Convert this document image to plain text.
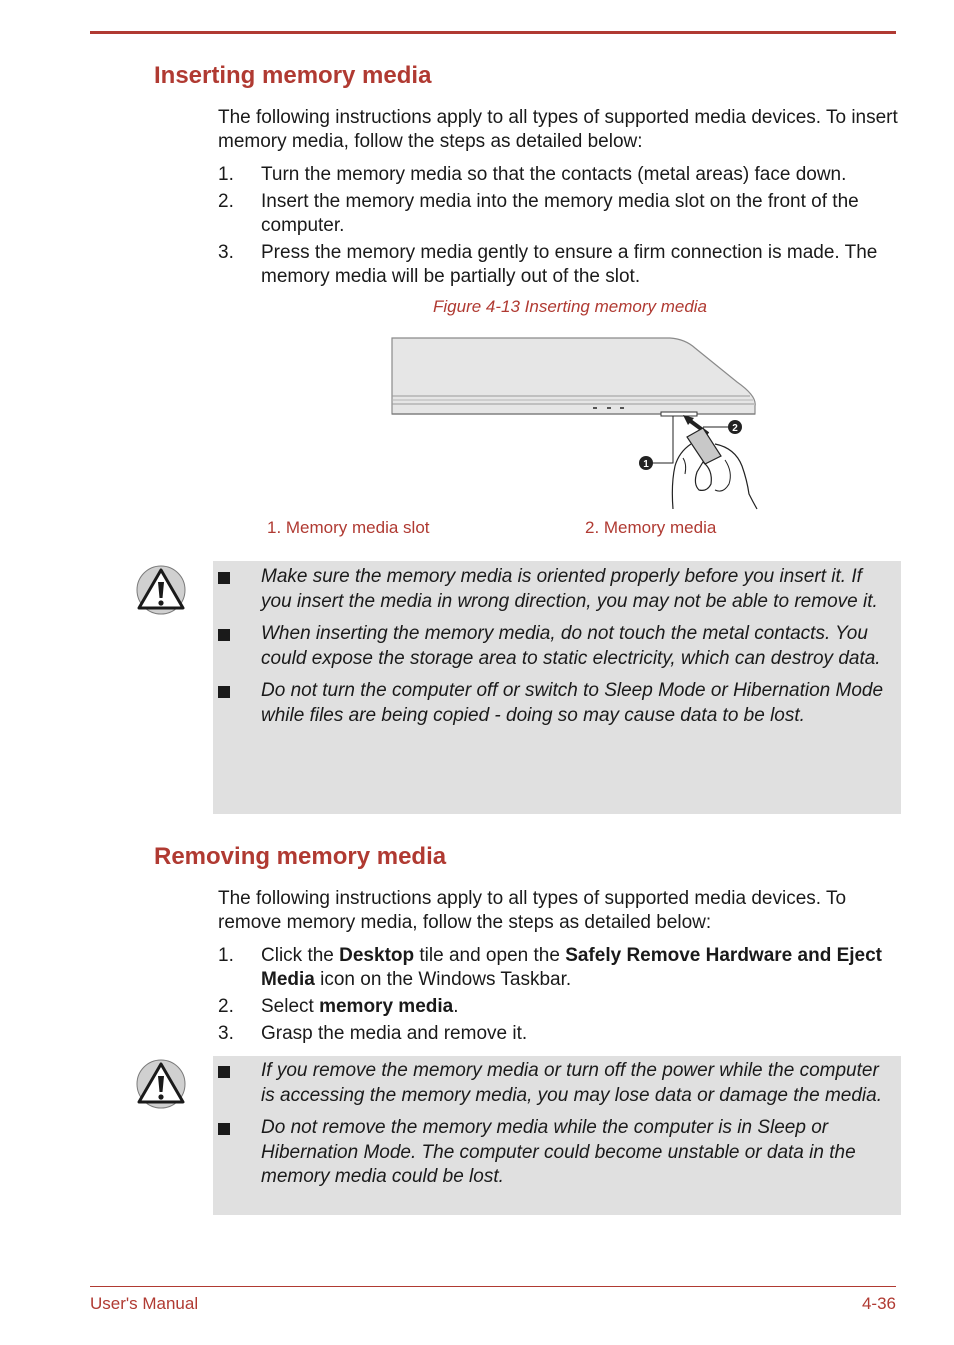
Inserting memory media

The following instructions apply to all types of supported media devices. To insert memory media, follow the steps as detailed below:

1. Turn the memory media so that the contacts (metal areas) face down.
2. Insert the memory media into the memory media slot on the front of the computer.
3. Press the memory media gently to ensure a firm connection is made. The memory media will be partially out of the slot.

Figure 4-13 Inserting memory media

1
2

1. Memory media slot	2. Memory media

Make sure the memory media is oriented properly before you insert it. If you insert the media in wrong direction, you may not be able to remove it.
When inserting the memory media, do not touch the metal contacts. You could expose the storage area to static electricity, which can destroy data.
Do not turn the computer off or switch to Sleep Mode or Hibernation Mode while files are being copied - doing so may cause data to be lost.
Removing memory media

The following instructions apply to all types of supported media devices. To remove memory media, follow the steps as detailed below:

1. Click the Desktop tile and open the Safely Remove Hardware and Eject Media icon on the Windows Taskbar.
2. Select memory media.
3. Grasp the media and remove it.
If you remove the memory media or turn off the power while the computer is accessing the memory media, you may lose data or damage the media.
Do not remove the memory media while the computer is in Sleep or Hibernation Mode. The computer could become unstable or data in the memory media could be lost.

User's Manual	4-36
